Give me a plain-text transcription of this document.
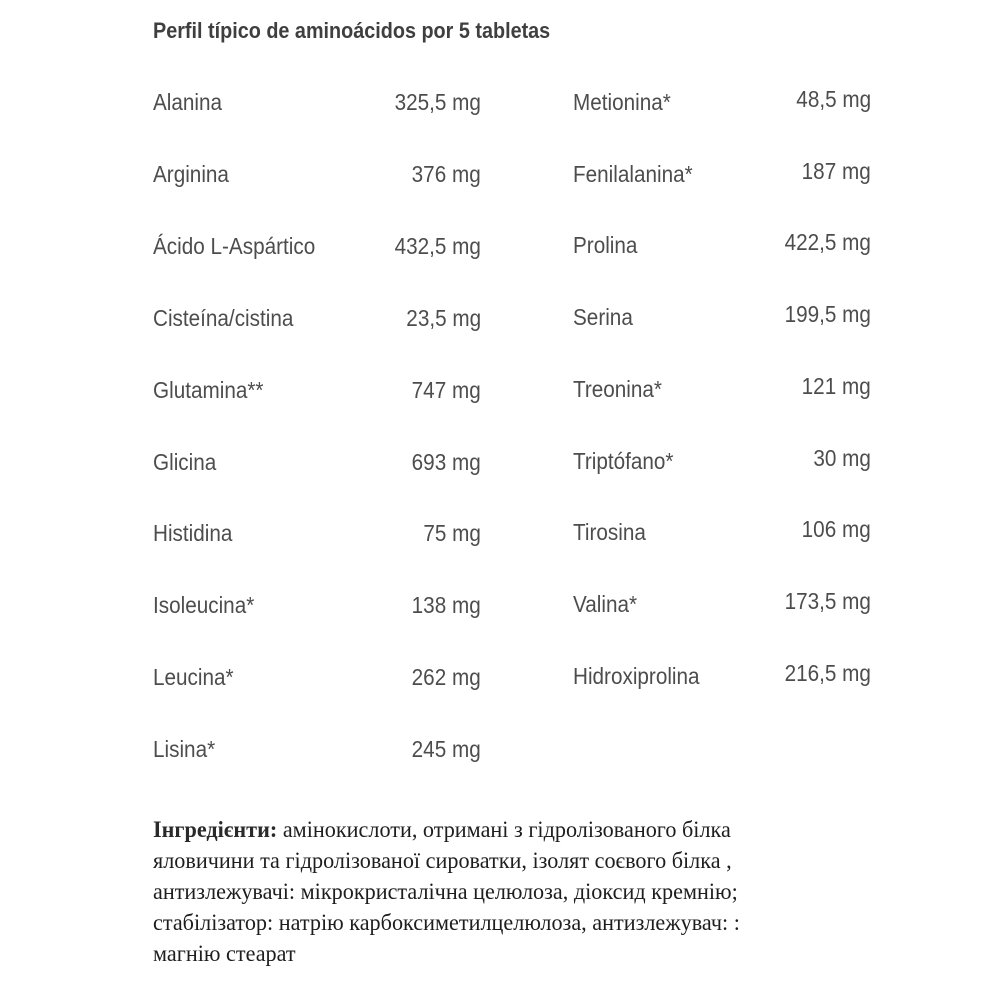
Perfil típico de aminoácidos por 5 tabletas
Alanina	325,5 mg
Arginina	376 mg
Ácido L-Aspártico	432,5 mg
Cisteína/cistina	23,5 mg
Glutamina**	747 mg
Glicina	693 mg
Histidina	75 mg
Isoleucina*	138 mg
Leucina*	262 mg
Lisina*	245 mg
Metionina*	48,5 mg
Fenilalanina*	187 mg
Prolina	422,5 mg
Serina	199,5 mg
Treonina*	121 mg
Triptófano*	30 mg
Tirosina	106 mg
Valina*	173,5 mg
Hidroxiprolina	216,5 mg
Інгредієнти: амінокислоти, отримані з гідролізованого білка
яловичини та гідролізованої сироватки, ізолят соєвого білка ,
антизлежувачі: мікрокристалічна целюлоза, діоксид кремнію;
стабілізатор: натрію карбоксиметилцелюлоза, антизлежувач: :
магнію стеарат
